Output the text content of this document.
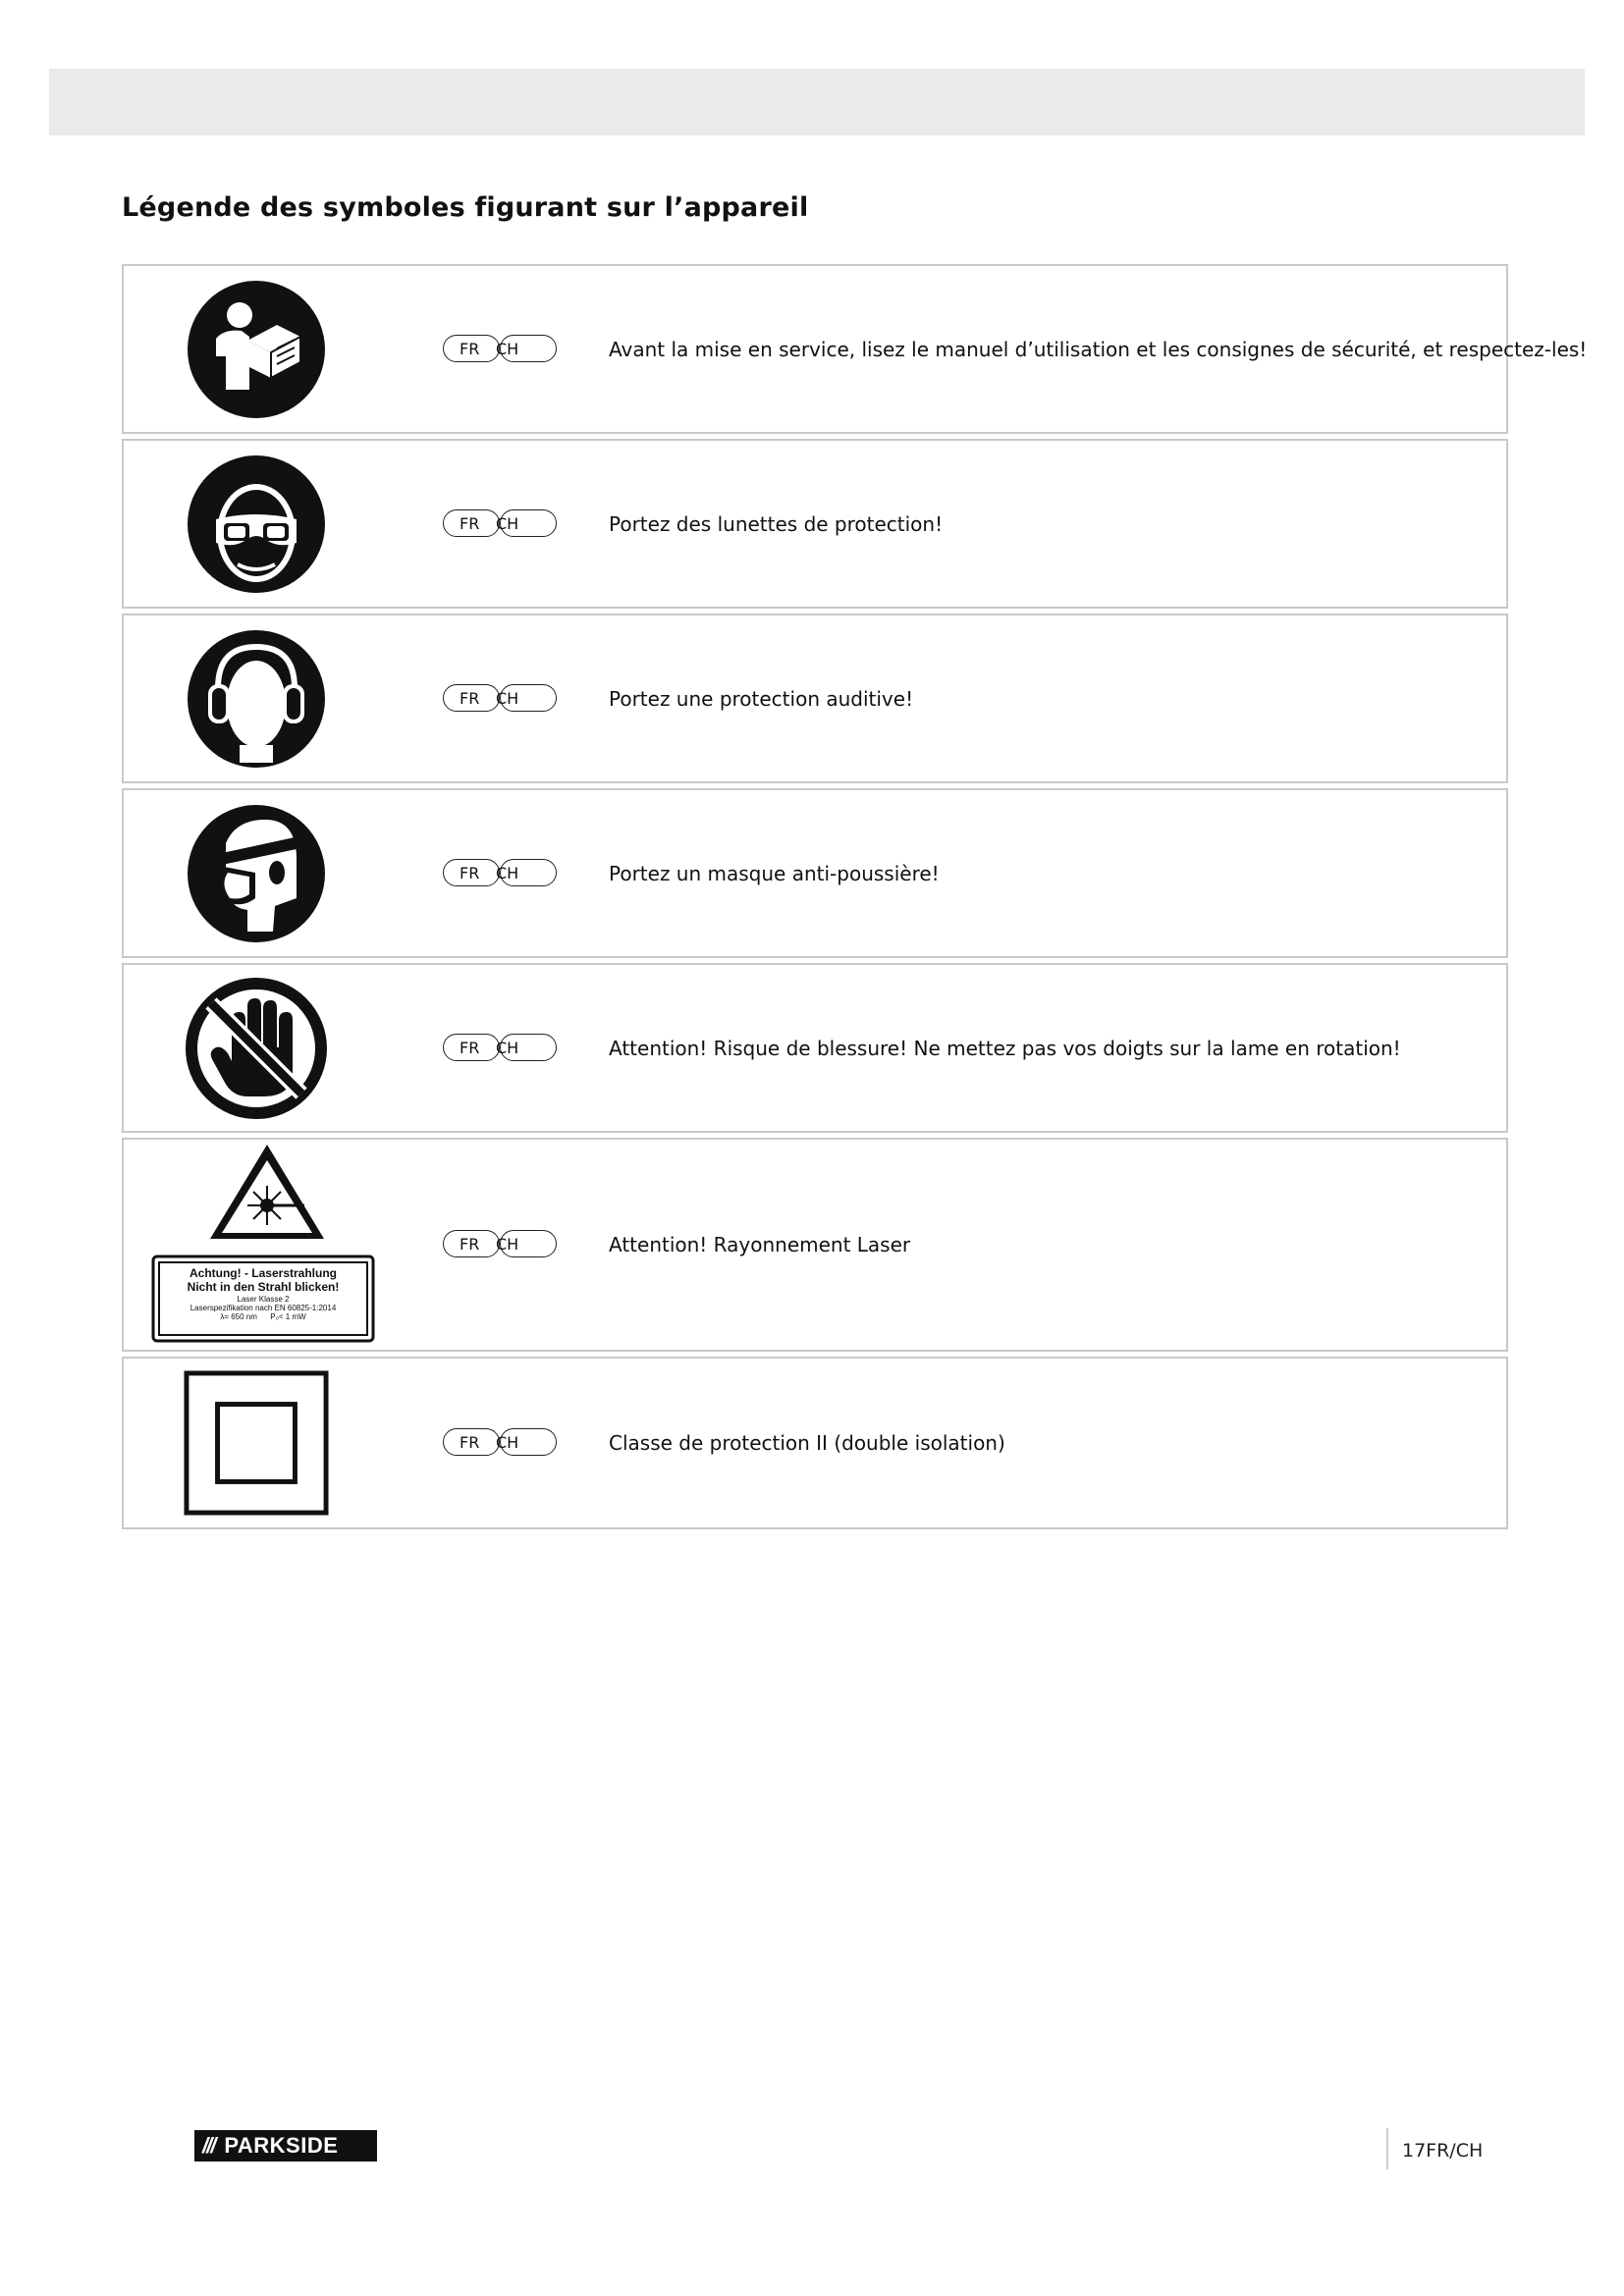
Légende des symboles figurant sur l’appareil
FR CH	Avant la mise en service, lisez le manuel d’utilisation et les consignes de sécurité, et respectez-les!
FR CH	Portez des lunettes de protection!
FR CH	Portez une protection auditive!
FR CH	Portez un masque anti-poussière!
FR CH	Attention! Risque de blessure! Ne mettez pas vos doigts sur la lame en rotation!
Achtung! - Laserstrahlung
Nicht in den Strahl blicken!
Laser Klasse 2
Laserspezifikation nach EN 60825-1:2014
λ= 650 nm P₀< 1 mW
FR CH	Attention! Rayonnement Laser
FR CH	Classe de protection II (double isolation)
/// PARKSIDE	17FR/CH
